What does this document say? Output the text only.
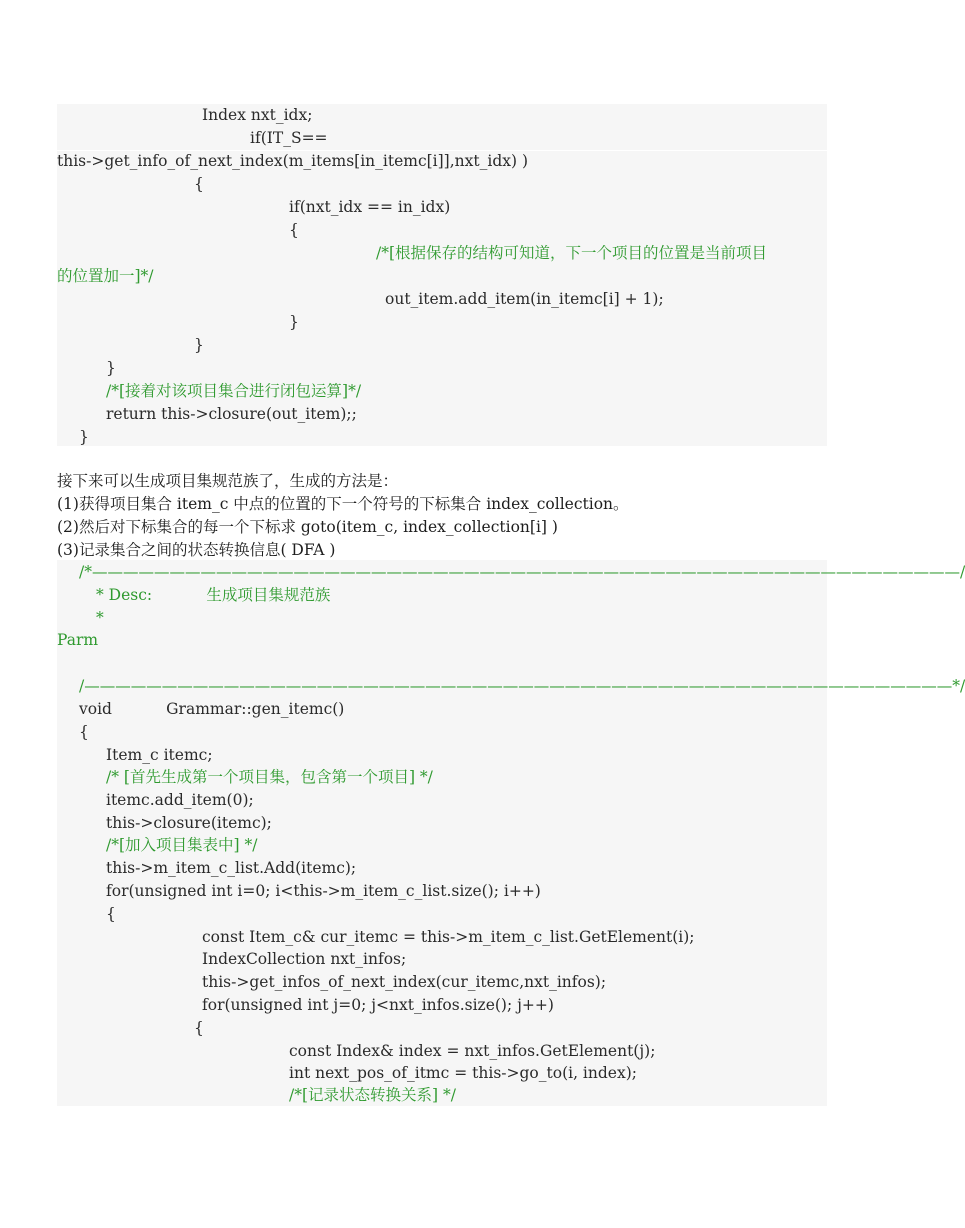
Index nxt_idx;
if(IT_S==
this->get_info_of_next_index(m_items[in_itemc[i]],nxt_idx) )
{
if(nxt_idx == in_idx)
{
/*[根据保存的结构可知道，下一个项目的位置是当前项目
的位置加一]*/
out_item.add_item(in_itemc[i] + 1);
}
}
}
/*[接着对该项目集合进行闭包运算]*/
return this->closure(out_item);;
}
接下来可以生成项目集规范族了，生成的方法是：
(1)获得项目集合 item_c 中点的位置的下一个符号的下标集合 index_collection。
(2)然后对下标集合的每一个下标求 goto(item_c, index_collection[i] )
(3)记录集合之间的状态转换信息( DFA )
/*————————————————————————————————————————————————————————/
* Desc:           生成项目集规范族
*
Parm
/————————————————————————————————————————————————————————*/
void           Grammar::gen_itemc()
{
Item_c itemc;
/* [首先生成第一个项目集，包含第一个项目] */
itemc.add_item(0);
this->closure(itemc);
/*[加入项目集表中] */
this->m_item_c_list.Add(itemc);
for(unsigned int i=0; i<this->m_item_c_list.size(); i++)
{
const Item_c& cur_itemc = this->m_item_c_list.GetElement(i);
IndexCollection nxt_infos;
this->get_infos_of_next_index(cur_itemc,nxt_infos);
for(unsigned int j=0; j<nxt_infos.size(); j++)
{
const Index& index = nxt_infos.GetElement(j);
int next_pos_of_itmc = this->go_to(i, index);
/*[记录状态转换关系] */
